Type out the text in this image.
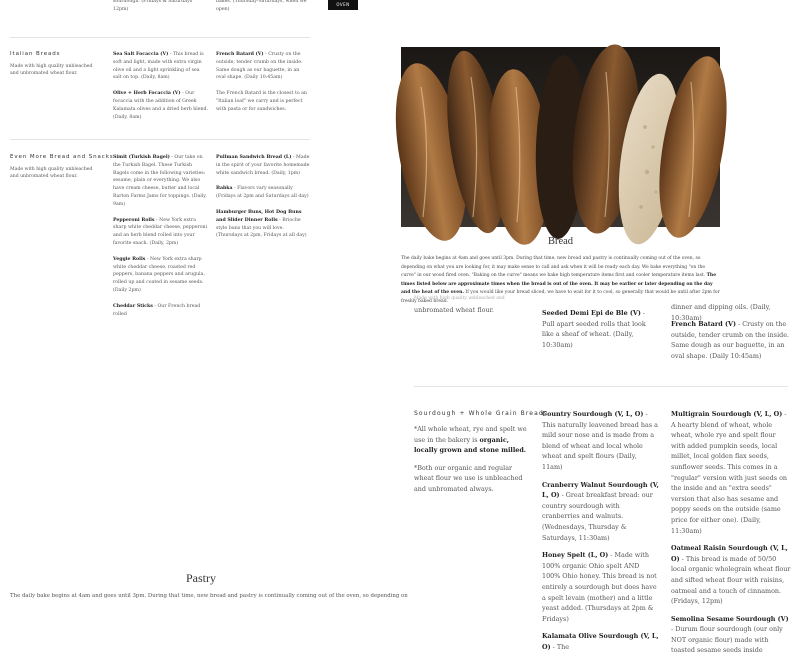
sourdough. (Fridays & Saturdays 12pm)
bakes. (Thursday-Saturdays, when we open)
OVEN
Italian Breads
Made with high quality unbleached and unbromated wheat flour.

Sea Salt Focaccia (V) - This bread is soft and light, made with extra virgin olive oil and a light sprinkling of sea salt on top. (Daily, 8am)

Olive + Herb Focaccia (V) - Our focaccia with the addition of Greek Kalamata olives and a dried herb blend. (Daily, 8am)

French Batard (V) - Crusty on the outside, tender crumb on the inside. Same dough as our baguette, in an oval shape. (Daily 10:45am)

The French Batard is the closest to an "Italian loaf" we carry and is perfect with pasta or for sandwiches.

Even More Bread and Snacks
Made with high quality unbleached and unbromated wheat flour.

Simit (Turkish Bagel) - Our take on the Turkish Bagel. These Turkish Bagels come in the following varieties: sesame, plain or everything. We also have cream cheese, butter and local Barton Farms Jams for toppings. (Daily, 9am)

Pepperoni Rolls - New York extra sharp white cheddar cheese, pepperoni and an herb blend rolled into your favorite snack. (Daily, 2pm)

Veggie Rolls - New York extra sharp white cheddar cheese, roasted red peppers, banana peppers and arugula, rolled up and coated in sesame seeds. (Daily 2pm)

Cheddar Sticks - Our French bread rolled

Pullman Sandwich Bread (L) - Made in the spirit of your favorite homemade white sandwich bread. (Daily, 1pm)

Babka - Flavors vary seasonally (Fridays at 2pm and Saturdays all day)

Hamburger Buns, Hot Dog Buns and Slider Dinner Rolls - Brioche style buns that you will love. (Thursdays at 2pm, Fridays at all day)

Bread
The daily bake begins at 4am and goes until 3pm. During that time, new bread and pastry is continually coming out of the oven, so depending on what you are looking for, it may make sense to call and ask when it will be ready each day. We bake everything "on the curve" in our wood fired oven. "Baking on the curve" means we bake high temperature items first and cooler temperature items last. The times listed below are approximate times when the bread is out of the oven. It may be earlier or later depending on the day and the heat of the oven. If you would like your bread sliced, we have to wait for it to cool, so generally that would be until after 2pm for freshly baked bread.
Made with high quality unbleached and
unbromated wheat flour.	Seeded Demi Epi de Ble (V) - Pull apart seeded rolls that look like a sheaf of wheat. (Daily, 10:30am)
dinner and dipping oils. (Daily, 10:30am)
French Batard (V) - Crusty on the outside, tender crumb on the inside. Same dough as our baguette, in an oval shape. (Daily 10:45am)
Sourdough + Whole Grain Breads

*All whole wheat, rye and spelt we use in the bakery is organic, locally grown and stone milled.

*Both our organic and regular wheat flour we use is unbleached and unbromated always.

Country Sourdough (V, L, O) - This naturally leavened bread has a mild sour nose and is made from a blend of wheat and local whole wheat and spelt flours (Daily, 11am)

Cranberry Walnut Sourdough (V, L, O) - Great breakfast bread: our country sourdough with cranberries and walnuts. (Wednesdays, Thursday & Saturdays, 11:30am)

Honey Spelt (L, O) - Made with 100% organic Ohio spelt AND 100% Ohio honey. This bread is not entirely a sourdough but does have a spelt levain (mother) and a little yeast added. (Thursdays at 2pm & Fridays)

Kalamata Olive Sourdough (V, L, O) - The

Multigrain Sourdough (V, L, O) - A hearty blend of wheat, whole wheat, whole rye and spelt flour with added pumpkin seeds, local millet, local golden flax seeds, sunflower seeds. This comes in a "regular" version with just seeds on the inside and an "extra seeds" version that also has sesame and poppy seeds on the outside (same price for either one). (Daily, 11:30am)

Oatmeal Raisin Sourdough (V, L, O) - This bread is made of 50/50 local organic wholegrain wheat flour and sifted wheat flour with raisins, oatmeal and a touch of cinnamon. (Fridays, 12pm)

Semolina Sesame Sourdough (V) - Durum flour sourdough (our only NOT organic flour) made with toasted sesame seeds inside

Pastry
The daily bake begins at 4am and goes until 3pm. During that time, new bread and pastry is continually coming out of the oven, so depending on
